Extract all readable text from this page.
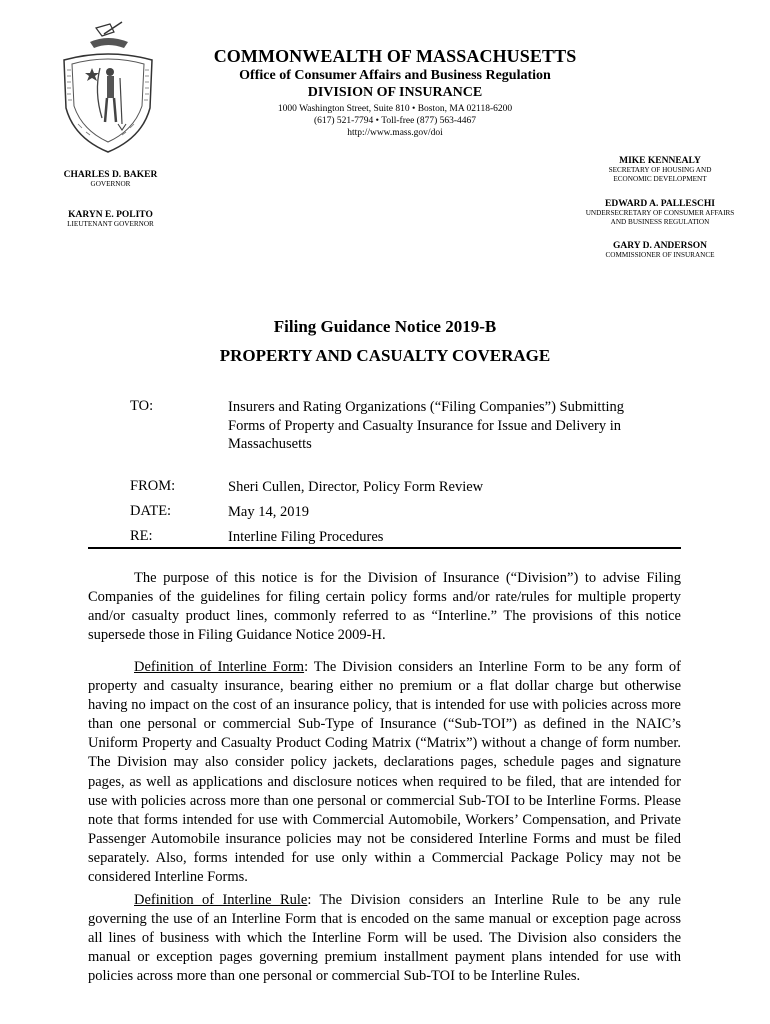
COMMONWEALTH OF MASSACHUSETTS
Office of Consumer Affairs and Business Regulation
DIVISION OF INSURANCE
1000 Washington Street, Suite 810 • Boston, MA 02118-6200
(617) 521-7794 • Toll-free (877) 563-4467
http://www.mass.gov/doi
CHARLES D. BAKER
GOVERNOR
KARYN E. POLITO
LIEUTENANT GOVERNOR
MIKE KENNEALY
SECRETARY OF HOUSING AND
ECONOMIC DEVELOPMENT
EDWARD A. PALLESCHI
UNDERSECRETARY OF CONSUMER AFFAIRS
AND BUSINESS REGULATION
GARY D. ANDERSON
COMMISSIONER OF INSURANCE
Filing Guidance Notice 2019-B
PROPERTY AND CASUALTY COVERAGE
TO:	Insurers and Rating Organizations (“Filing Companies”) Submitting
Forms of Property and Casualty Insurance for Issue and Delivery in
Massachusetts
FROM:	Sheri Cullen, Director, Policy Form Review
DATE:	May 14, 2019
RE:	Interline Filing Procedures

The purpose of this notice is for the Division of Insurance (“Division”) to advise Filing Companies of the guidelines for filing certain policy forms and/or rate/rules for multiple property and/or casualty product lines, commonly referred to as “Interline.” The provisions of this notice supersede those in Filing Guidance Notice 2009-H.

Definition of Interline Form: The Division considers an Interline Form to be any form of property and casualty insurance, bearing either no premium or a flat dollar charge but otherwise having no impact on the cost of an insurance policy, that is intended for use with policies across more than one personal or commercial Sub-Type of Insurance (“Sub-TOI”) as defined in the NAIC’s Uniform Property and Casualty Product Coding Matrix (“Matrix”) without a change of form number. The Division may also consider policy jackets, declarations pages, schedule pages and signature pages, as well as applications and disclosure notices when required to be filed, that are intended for use with policies across more than one personal or commercial Sub-TOI to be Interline Forms. Please note that forms intended for use with Commercial Automobile, Workers’ Compensation, and Private Passenger Automobile insurance policies may not be considered Interline Forms and must be filed separately. Also, forms intended for use only within a Commercial Package Policy may not be considered Interline Forms.

Definition of Interline Rule: The Division considers an Interline Rule to be any rule governing the use of an Interline Form that is encoded on the same manual or exception page across all lines of business with which the Interline Form will be used. The Division also considers the manual or exception pages governing premium installment payment plans intended for use with policies across more than one personal or commercial Sub-TOI to be Interline Rules.
